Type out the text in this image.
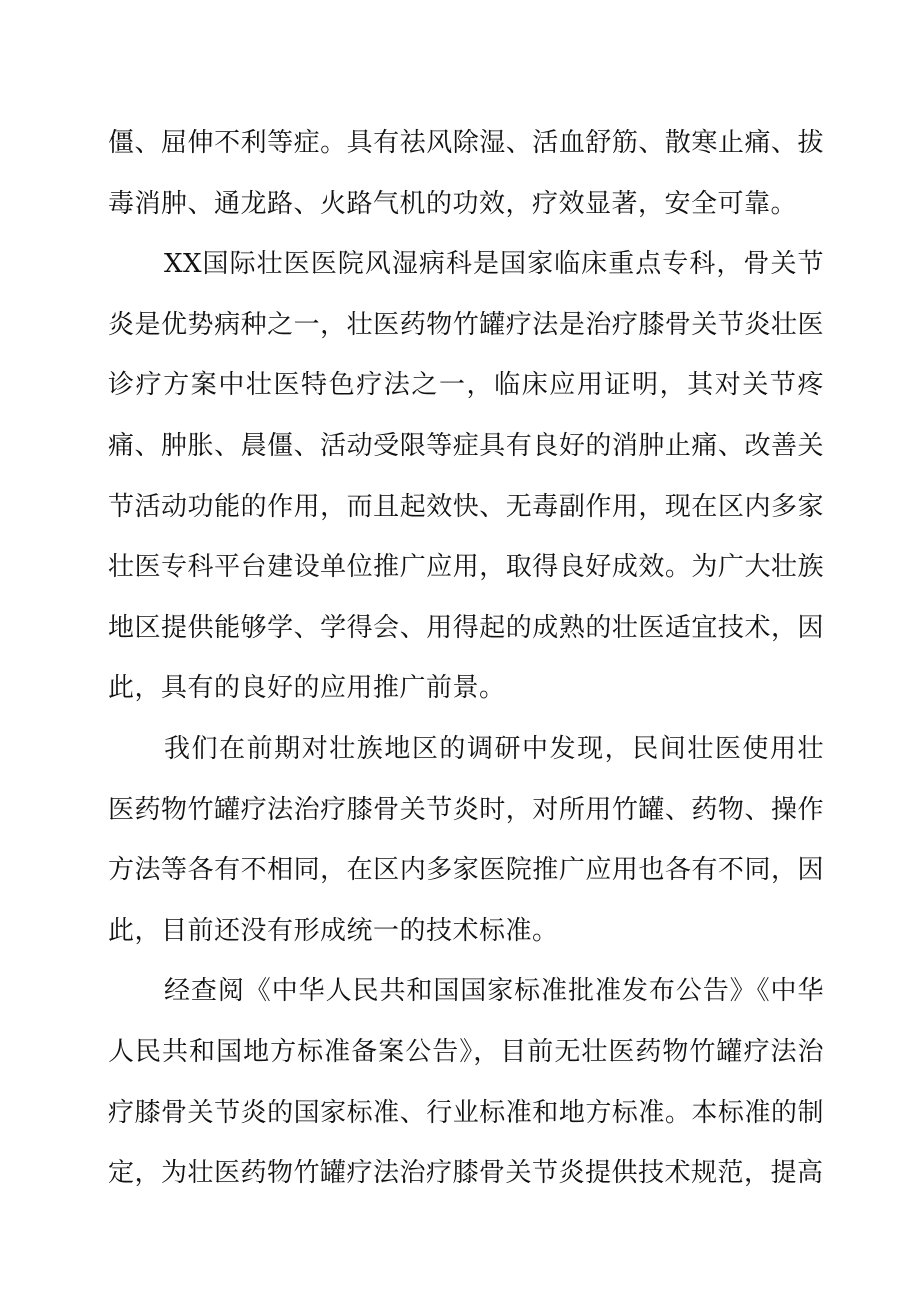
僵、屈伸不利等症。具有祛风除湿、活血舒筋、散寒止痛、拔毒消肿、通龙路、火路气机的功效，疗效显著，安全可靠。

XX国际壮医医院风湿病科是国家临床重点专科，骨关节炎是优势病种之一，壮医药物竹罐疗法是治疗膝骨关节炎壮医诊疗方案中壮医特色疗法之一，临床应用证明，其对关节疼痛、肿胀、晨僵、活动受限等症具有良好的消肿止痛、改善关节活动功能的作用，而且起效快、无毒副作用，现在区内多家壮医专科平台建设单位推广应用，取得良好成效。为广大壮族地区提供能够学、学得会、用得起的成熟的壮医适宜技术，因此，具有的良好的应用推广前景。

我们在前期对壮族地区的调研中发现，民间壮医使用壮医药物竹罐疗法治疗膝骨关节炎时，对所用竹罐、药物、操作方法等各有不相同，在区内多家医院推广应用也各有不同，因此，目前还没有形成统一的技术标准。

经查阅《中华人民共和国国家标准批准发布公告》《中华人民共和国地方标准备案公告》，目前无壮医药物竹罐疗法治疗膝骨关节炎的国家标准、行业标准和地方标准。本标准的制定，为壮医药物竹罐疗法治疗膝骨关节炎提供技术规范，提高
